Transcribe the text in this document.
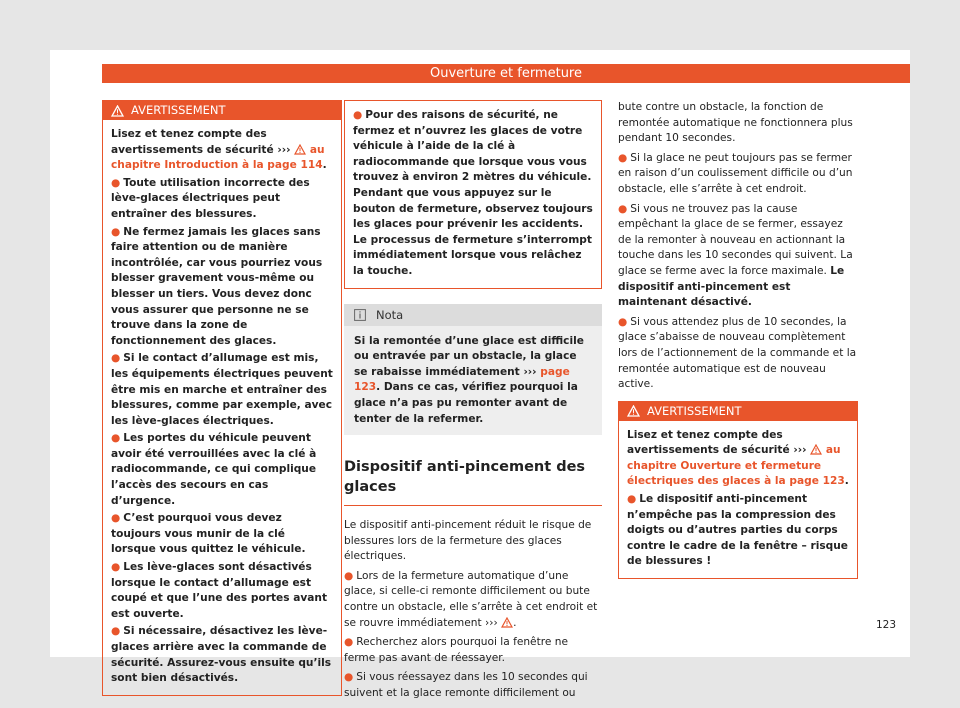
Ouverture et fermeture
AVERTISSEMENT

Lisez et tenez compte des avertissements de sécurité ››› au chapitre Introduction à la page 114.

● Toute utilisation incorrecte des lève-glaces électriques peut entraîner des blessures.

● Ne fermez jamais les glaces sans faire attention ou de manière incontrôlée, car vous pourriez vous blesser gravement vous-même ou blesser un tiers. Vous devez donc vous assurer que personne ne se trouve dans la zone de fonctionnement des glaces.

● Si le contact d’allumage est mis, les équipements électriques peuvent être mis en marche et entraîner des blessures, comme par exemple, avec les lève-glaces électriques.

● Les portes du véhicule peuvent avoir été verrouillées avec la clé à radiocommande, ce qui complique l’accès des secours en cas d’urgence.

● C’est pourquoi vous devez toujours vous munir de la clé lorsque vous quittez le véhicule.

● Les lève-glaces sont désactivés lorsque le contact d’allumage est coupé et que l’une des portes avant est ouverte.

● Si nécessaire, désactivez les lève-glaces arrière avec la commande de sécurité. Assurez-vous ensuite qu’ils sont bien désactivés.

● Pour des raisons de sécurité, ne fermez et n’ouvrez les glaces de votre véhicule à l’aide de la clé à radiocommande que lorsque vous vous trouvez à environ 2 mètres du véhicule. Pendant que vous appuyez sur le bouton de fermeture, observez toujours les glaces pour prévenir les accidents. Le processus de fermeture s’interrompt immédiatement lorsque vous relâchez la touche.

Nota
Si la remontée d’une glace est difficile ou entravée par un obstacle, la glace se rabaisse immédiatement ››› page 123. Dans ce cas, vérifiez pourquoi la glace n’a pas pu remonter avant de tenter de la refermer.
Dispositif anti-pincement des glaces

Le dispositif anti-pincement réduit le risque de blessures lors de la fermeture des glaces électriques.

● Lors de la fermeture automatique d’une glace, si celle-ci remonte difficilement ou bute contre un obstacle, elle s’arrête à cet endroit et se rouvre immédiatement ››› .

● Recherchez alors pourquoi la fenêtre ne ferme pas avant de réessayer.

● Si vous réessayez dans les 10 secondes qui suivent et la glace remonte difficilement ou

bute contre un obstacle, la fonction de remontée automatique ne fonctionnera plus pendant 10 secondes.

● Si la glace ne peut toujours pas se fermer en raison d’un coulissement difficile ou d’un obstacle, elle s’arrête à cet endroit.

● Si vous ne trouvez pas la cause empêchant la glace de se fermer, essayez de la remonter à nouveau en actionnant la touche dans les 10 secondes qui suivent. La glace se ferme avec la force maximale. Le dispositif anti-pincement est maintenant désactivé.

● Si vous attendez plus de 10 secondes, la glace s’abaisse de nouveau complètement lors de l’actionnement de la commande et la remontée automatique est de nouveau active.

AVERTISSEMENT

Lisez et tenez compte des avertissements de sécurité ››› au chapitre Ouverture et fermeture électriques des glaces à la page 123.

● Le dispositif anti-pincement n’empêche pas la compression des doigts ou d’autres parties du corps contre le cadre de la fenêtre – risque de blessures !

123
